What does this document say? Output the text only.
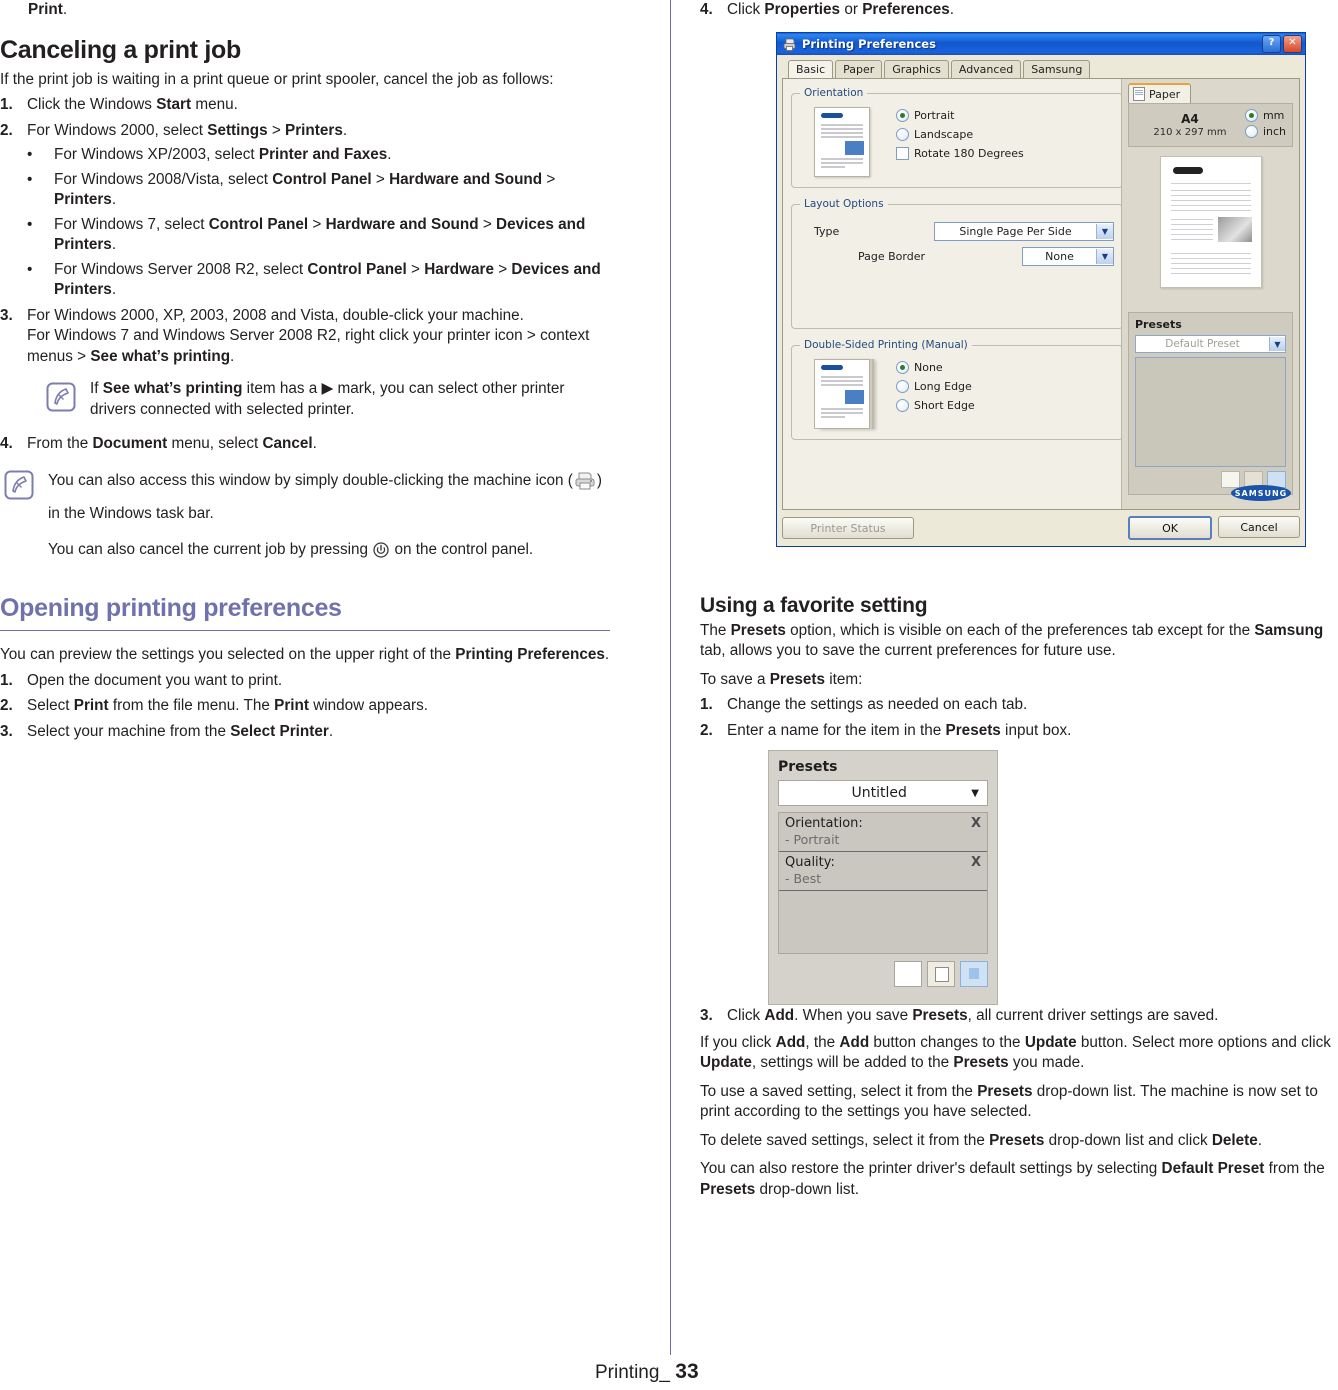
Print.

Canceling a print job

If the print job is waiting in a print queue or print spooler, cancel the job as follows:

1. Click the Windows Start menu.
2. For Windows 2000, select Settings > Printers.
•	For Windows XP/2003, select Printer and Faxes.
•	For Windows 2008/Vista, select Control Panel > Hardware and Sound > Printers.
•	For Windows 7, select Control Panel > Hardware and Sound > Devices and Printers.
•	For Windows Server 2008 R2, select Control Panel > Hardware > Devices and Printers.
3. For Windows 2000, XP, 2003, 2008 and Vista, double-click your machine.
For Windows 7 and Windows Server 2008 R2, right click your printer icon > context menus > See what’s printing.

If See what’s printing item has a ▶ mark, you can select other printer drivers connected with selected printer.

4. From the Document menu, select Cancel.

You can also access this window by simply double-clicking the machine icon ( ) in the Windows task bar.

You can also cancel the current job by pressing  on the control panel.

Opening printing preferences

You can preview the settings you selected on the upper right of the Printing Preferences.

1. Open the document you want to print.
2. Select Print from the file menu. The Print window appears.
3. Select your machine from the Select Printer.
4. Click Properties or Preferences.
Printing Preferences	?	✕
Basic	Paper	Graphics	Advanced	Samsung
Orientation
Portrait
Landscape
Rotate 180 Degrees
Layout Options
Type	Single Page Per Side	▼
Page Border	None	▼
Double-Sided Printing (Manual)
None
Long Edge
Short Edge
Paper
A4
210 x 297 mm
mm
inch
Presets
Default Preset	▼
SAMSUNG
Printer Status	OK	Cancel
Using a favorite setting

The Presets option, which is visible on each of the preferences tab except for the Samsung tab, allows you to save the current preferences for future use.

To save a Presets item:

1. Change the settings as needed on each tab.
2. Enter a name for the item in the Presets input box.
Presets
Untitled	▼
Orientation:	X
- Portrait
Quality:	X
- Best
3. Click Add. When you save Presets, all current driver settings are saved.

If you click Add, the Add button changes to the Update button. Select more options and click Update, settings will be added to the Presets you made.

To use a saved setting, select it from the Presets drop-down list. The machine is now set to print according to the settings you have selected.

To delete saved settings, select it from the Presets drop-down list and click Delete.

You can also restore the printer driver's default settings by selecting Default Preset from the Presets drop-down list.

Printing_ 33
